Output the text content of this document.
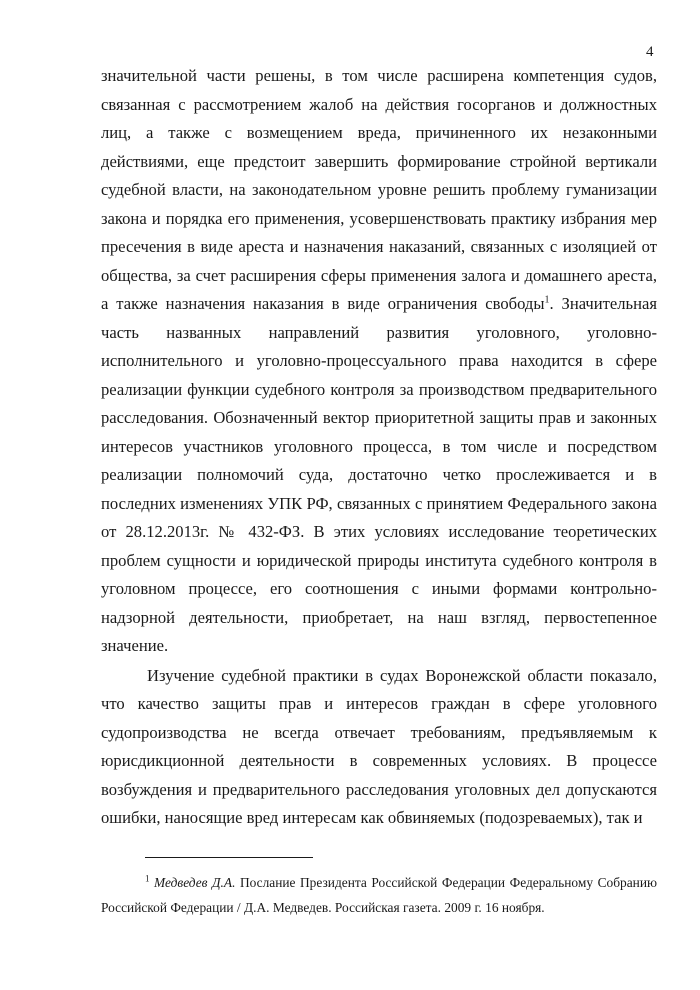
4

значительной части решены, в том числе расширена компетенция судов, связанная с рассмотрением жалоб на действия госорганов и должностных лиц, а также с возмещением вреда, причиненного их незаконными действиями, еще предстоит завершить формирование стройной вертикали судебной власти, на законодательном уровне решить проблему гуманизации закона и порядка его применения, усовершенствовать практику избрания мер пресечения в виде ареста и назначения наказаний, связанных с изоляцией от общества, за счет расширения сферы применения залога и домашнего ареста, а также назначения наказания в виде ограничения свободы$^1$. Значительная часть названных направлений развития уголовного, уголовно-исполнительного и уголовно-процессуального права находится в сфере реализации функции судебного контроля за производством предварительного расследования. Обозначенный вектор приоритетной защиты прав и законных интересов участников уголовного процесса, в том числе и посредством реализации полномочий суда, достаточно четко прослеживается и в последних изменениях УПК РФ, связанных с принятием Федерального закона от 28.12.2013г. № 432-ФЗ. В этих условиях исследование теоретических проблем сущности и юридической природы института судебного контроля в уголовном процессе, его соотношения с иными формами контрольно-надзорной деятельности, приобретает, на наш взгляд, первостепенное значение.

Изучение судебной практики в судах Воронежской области показало, что качество защиты прав и интересов граждан в сфере уголовного судопроизводства не всегда отвечает требованиям, предъявляемым к юрисдикционной деятельности в современных условиях. В процессе возбуждения и предварительного расследования уголовных дел допускаются ошибки, наносящие вред интересам как обвиняемых (подозреваемых), так и

$^1$ Медведев Д.А. Послание Президента Российской Федерации Федеральному Собранию Российской Федерации / Д.А. Медведев. Российская газета. 2009 г. 16 ноября.
